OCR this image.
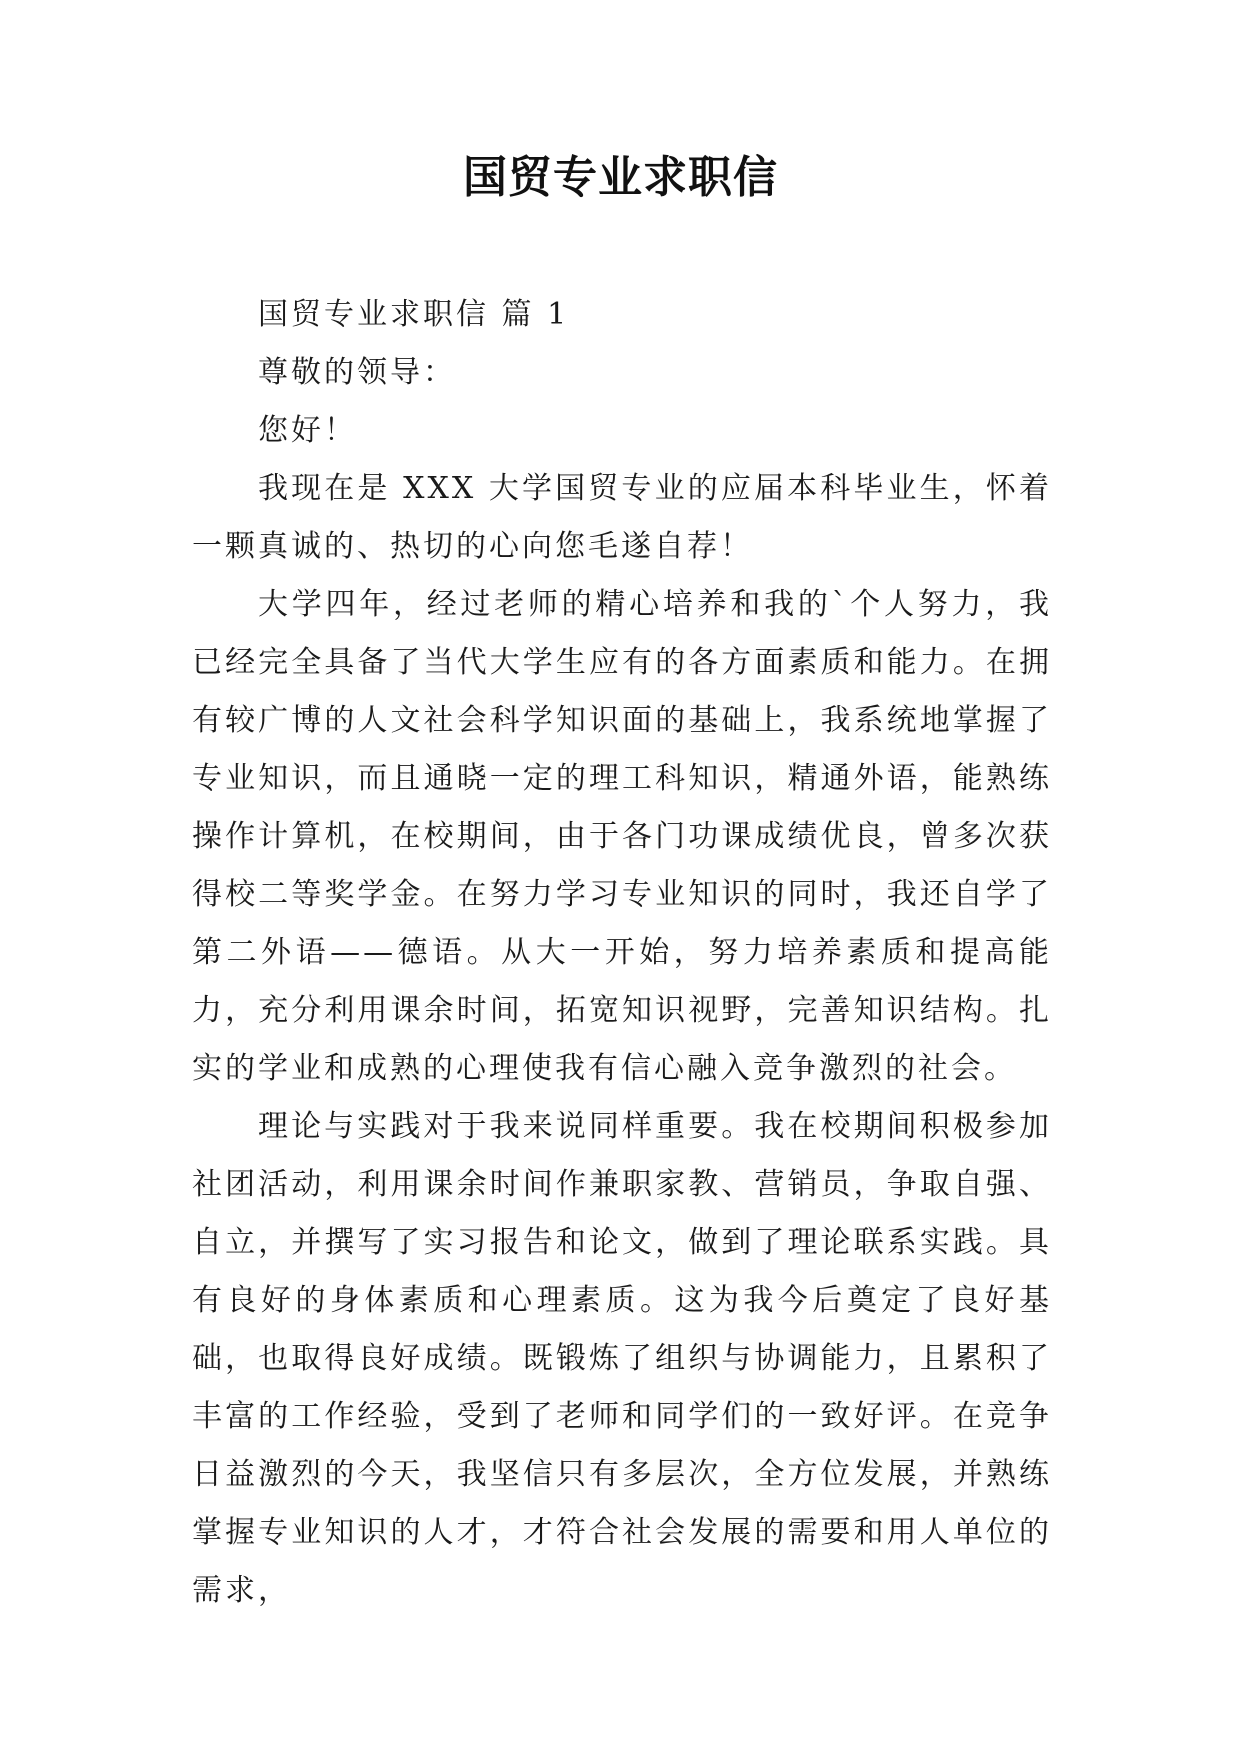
国贸专业求职信

国贸专业求职信 篇 1

尊敬的领导：

您好！

我现在是 XXX 大学国贸专业的应届本科毕业生，怀着一颗真诚的、热切的心向您毛遂自荐！

大学四年，经过老师的精心培养和我的`个人努力，我已经完全具备了当代大学生应有的各方面素质和能力。在拥有较广博的人文社会科学知识面的基础上，我系统地掌握了专业知识，而且通晓一定的理工科知识，精通外语，能熟练操作计算机，在校期间，由于各门功课成绩优良，曾多次获得校二等奖学金。在努力学习专业知识的同时，我还自学了第二外语——德语。从大一开始，努力培养素质和提高能力，充分利用课余时间，拓宽知识视野，完善知识结构。扎实的学业和成熟的心理使我有信心融入竞争激烈的社会。

理论与实践对于我来说同样重要。我在校期间积极参加社团活动，利用课余时间作兼职家教、营销员，争取自强、自立，并撰写了实习报告和论文，做到了理论联系实践。具有良好的身体素质和心理素质。这为我今后奠定了良好基础，也取得良好成绩。既锻炼了组织与协调能力，且累积了丰富的工作经验，受到了老师和同学们的一致好评。在竞争日益激烈的今天，我坚信只有多层次，全方位发展，并熟练掌握专业知识的人才，才符合社会发展的需要和用人单位的需求，
